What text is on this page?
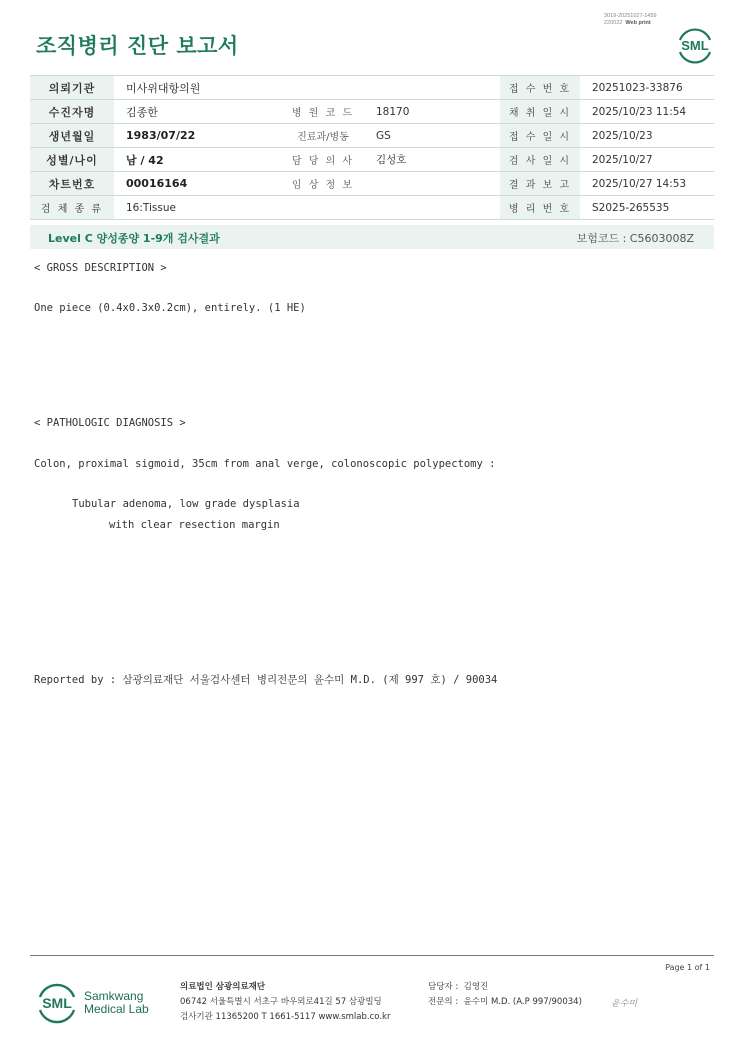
3019-20251027-1459
220022 Web print
조직병리 진단 보고서	SML
의뢰기관	미사위대항의원			접 수 번 호	20251023-33876
수진자명	김종한	병 원 코 드	18170	채 취 일 시	2025/10/23 11:54
생년월일	1983/07/22	진료과/병동	GS	접 수 일 시	2025/10/23
성별/나이	남 / 42	담 당 의 사	김성호	검 사 일 시	2025/10/27
차트번호	00016164	임 상 정 보		결 과 보 고	2025/10/27 14:53
검 체 종 류	16:Tissue			병 리 번 호	S2025-265535
Level C 양성종양 1-9개 검사결과	보험코드 : C5603008Z
< GROSS DESCRIPTION >
One piece (0.4x0.3x0.2cm), entirely. (1 HE)
< PATHOLOGIC DIAGNOSIS >
Colon, proximal sigmoid, 35cm from anal verge, colonoscopic polypectomy :
Tubular adenoma, low grade dysplasia
with clear resection margin
Reported by : 삼광의료재단 서울검사센터 병리전문의 윤수미 M.D. (제 997 호) / 90034
Page 1 of 1
SML Samkwang
Medical Lab
의료법인 삼광의료재단
06742 서울특별시 서초구 바우뫼로41길 57 삼광빌딩
검사기관 11365200 T 1661-5117 www.smlab.co.kr
담당자 : 김영진
전문의 : 윤수미 M.D. (A.P 997/90034)	윤수미
